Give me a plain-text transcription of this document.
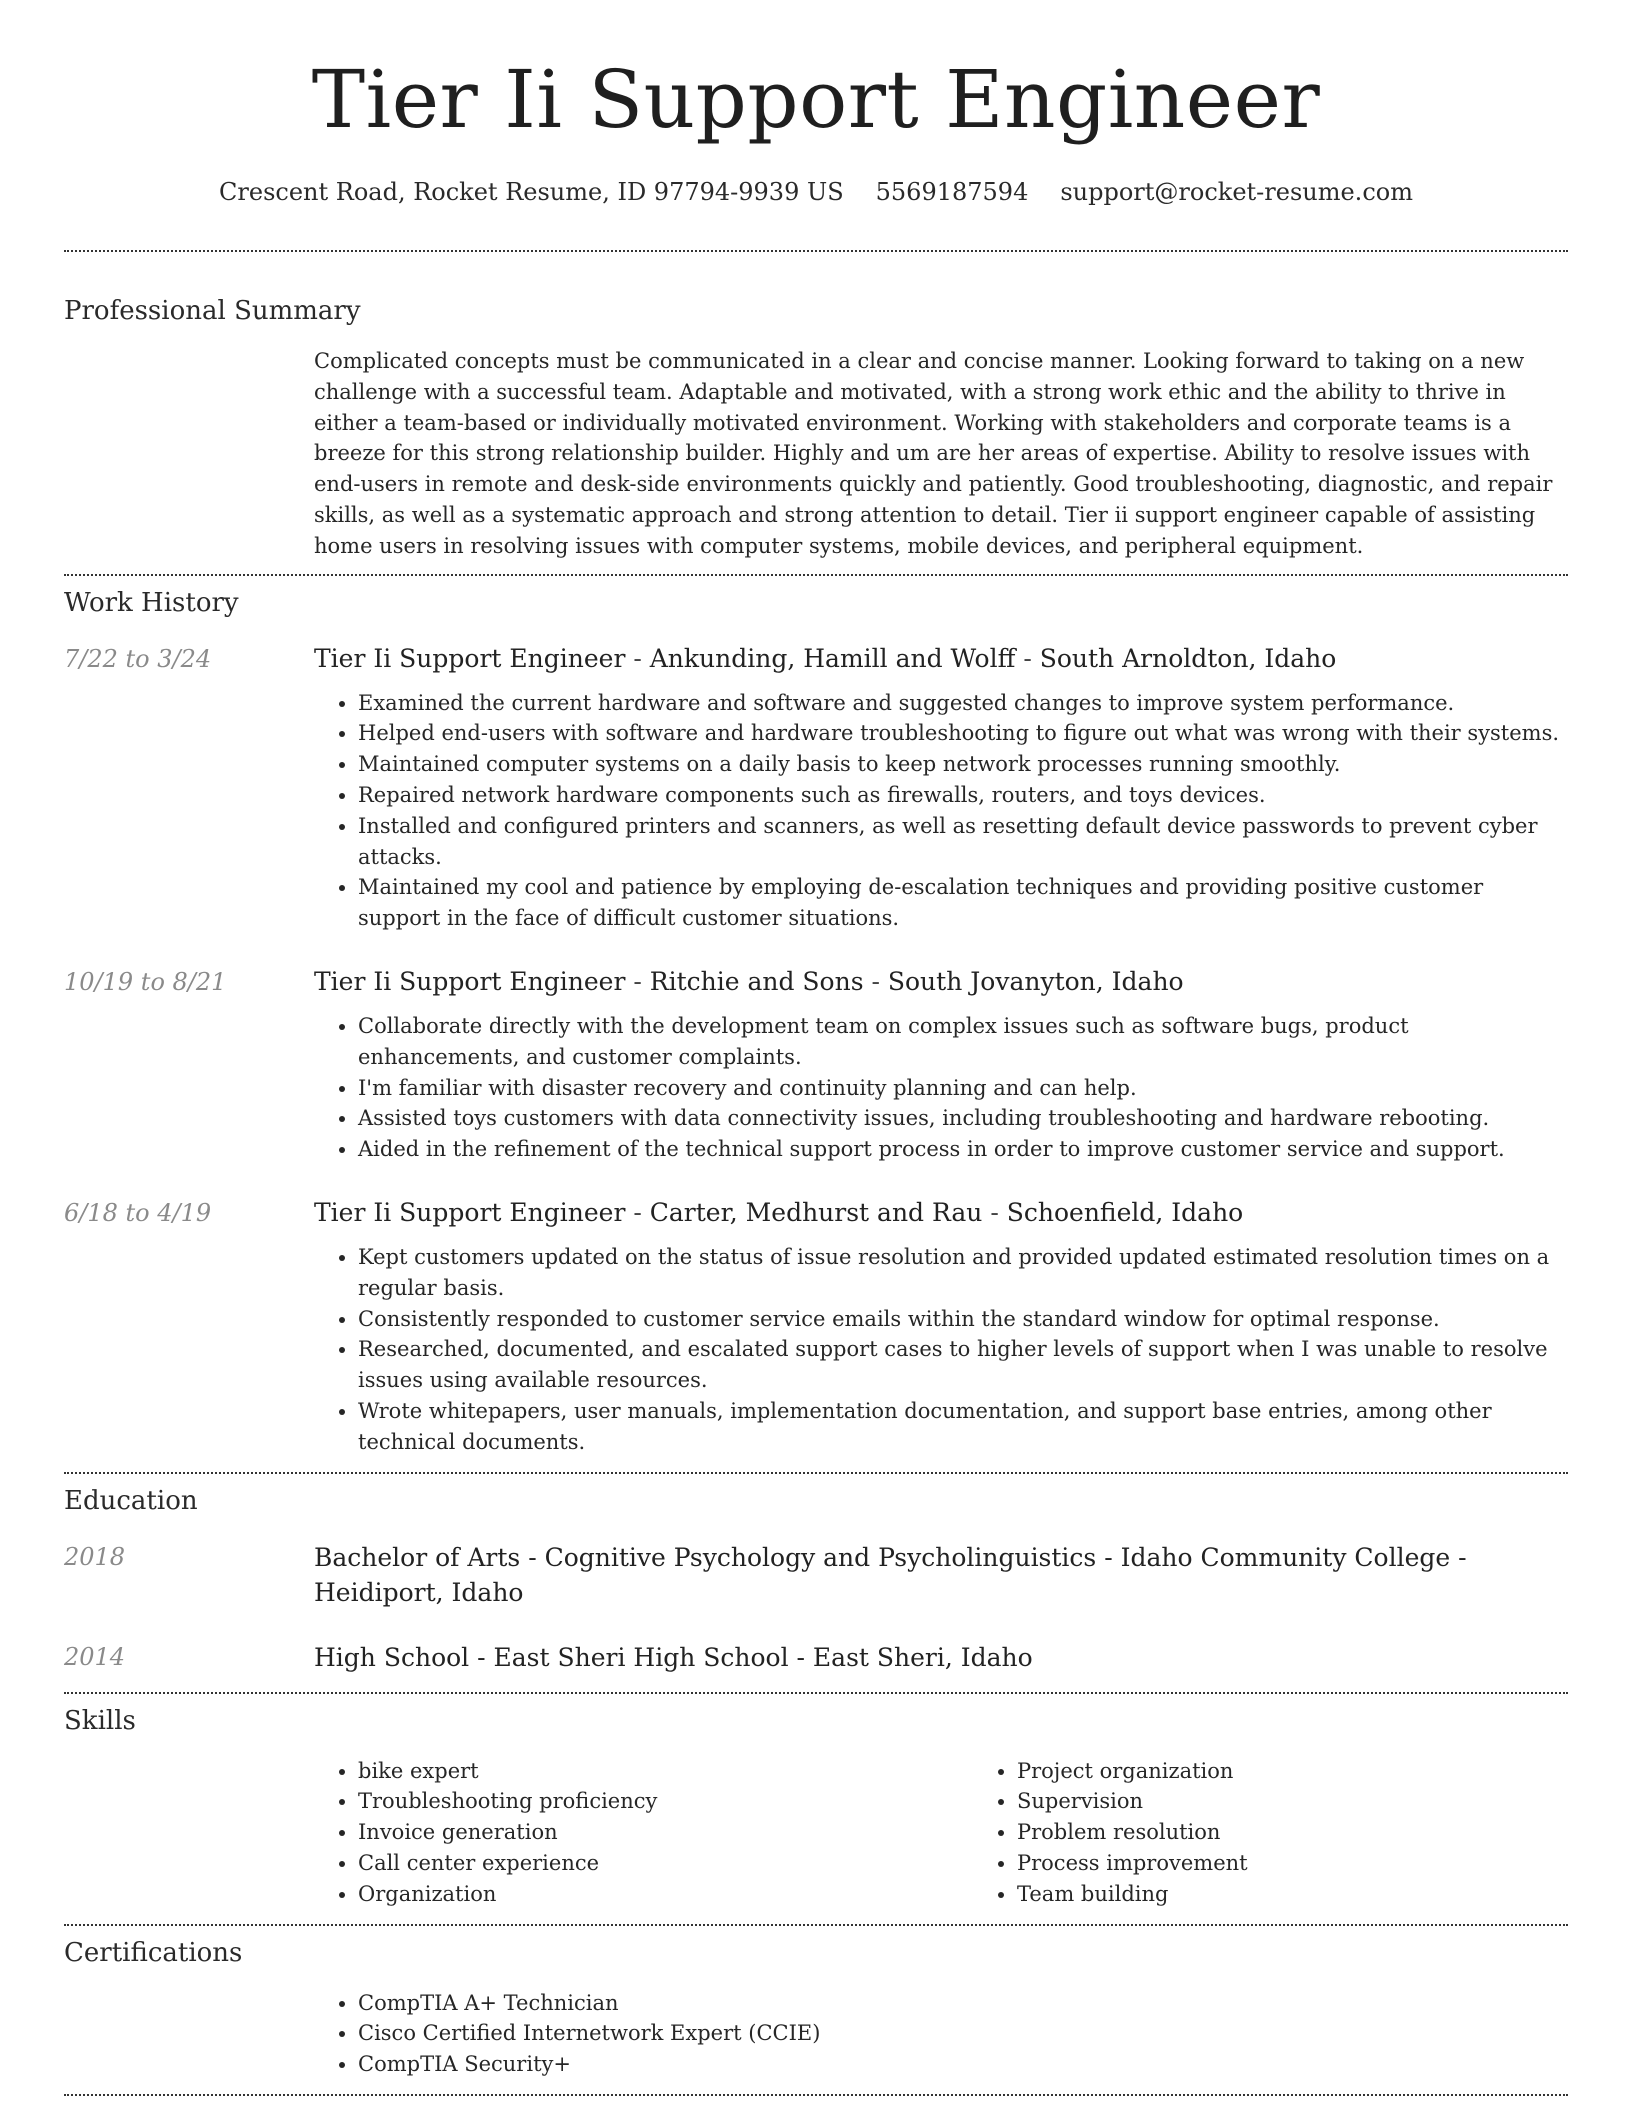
Tier Ii Support Engineer
Crescent Road, Rocket Resume, ID 97794-9939 US 5569187594 support@rocket-resume.com
Professional Summary

Complicated concepts must be communicated in a clear and concise manner. Looking forward to taking on a new challenge with a successful team. Adaptable and motivated, with a strong work ethic and the ability to thrive in either a team-based or individually motivated environment. Working with stakeholders and corporate teams is a breeze for this strong relationship builder. Highly and um are her areas of expertise. Ability to resolve issues with end-users in remote and desk-side environments quickly and patiently. Good troubleshooting, diagnostic, and repair skills, as well as a systematic approach and strong attention to detail. Tier ii support engineer capable of assisting home users in resolving issues with computer systems, mobile devices, and peripheral equipment.

Work History
7/22 to 3/24	Tier Ii Support Engineer - Ankunding, Hamill and Wolff - South Arnoldton, Idaho
• Examined the current hardware and software and suggested changes to improve system performance.
• Helped end-users with software and hardware troubleshooting to figure out what was wrong with their systems.
• Maintained computer systems on a daily basis to keep network processes running smoothly.
• Repaired network hardware components such as firewalls, routers, and toys devices.
• Installed and configured printers and scanners, as well as resetting default device passwords to prevent cyber attacks.
• Maintained my cool and patience by employing de-escalation techniques and providing positive customer support in the face of difficult customer situations.
10/19 to 8/21	Tier Ii Support Engineer - Ritchie and Sons - South Jovanyton, Idaho
• Collaborate directly with the development team on complex issues such as software bugs, product enhancements, and customer complaints.
• I'm familiar with disaster recovery and continuity planning and can help.
• Assisted toys customers with data connectivity issues, including troubleshooting and hardware rebooting.
• Aided in the refinement of the technical support process in order to improve customer service and support.
6/18 to 4/19	Tier Ii Support Engineer - Carter, Medhurst and Rau - Schoenfield, Idaho
• Kept customers updated on the status of issue resolution and provided updated estimated resolution times on a regular basis.
• Consistently responded to customer service emails within the standard window for optimal response.
• Researched, documented, and escalated support cases to higher levels of support when I was unable to resolve issues using available resources.
• Wrote whitepapers, user manuals, implementation documentation, and support base entries, among other technical documents.
Education
2018	Bachelor of Arts - Cognitive Psychology and Psycholinguistics - Idaho Community College - Heidiport, Idaho
2014	High School - East Sheri High School - East Sheri, Idaho
Skills
• bike expert
• Troubleshooting proficiency
• Invoice generation
• Call center experience
• Organization
• Project organization
• Supervision
• Problem resolution
• Process improvement
• Team building
Certifications
• CompTIA A+ Technician
• Cisco Certified Internetwork Expert (CCIE)
• CompTIA Security+
